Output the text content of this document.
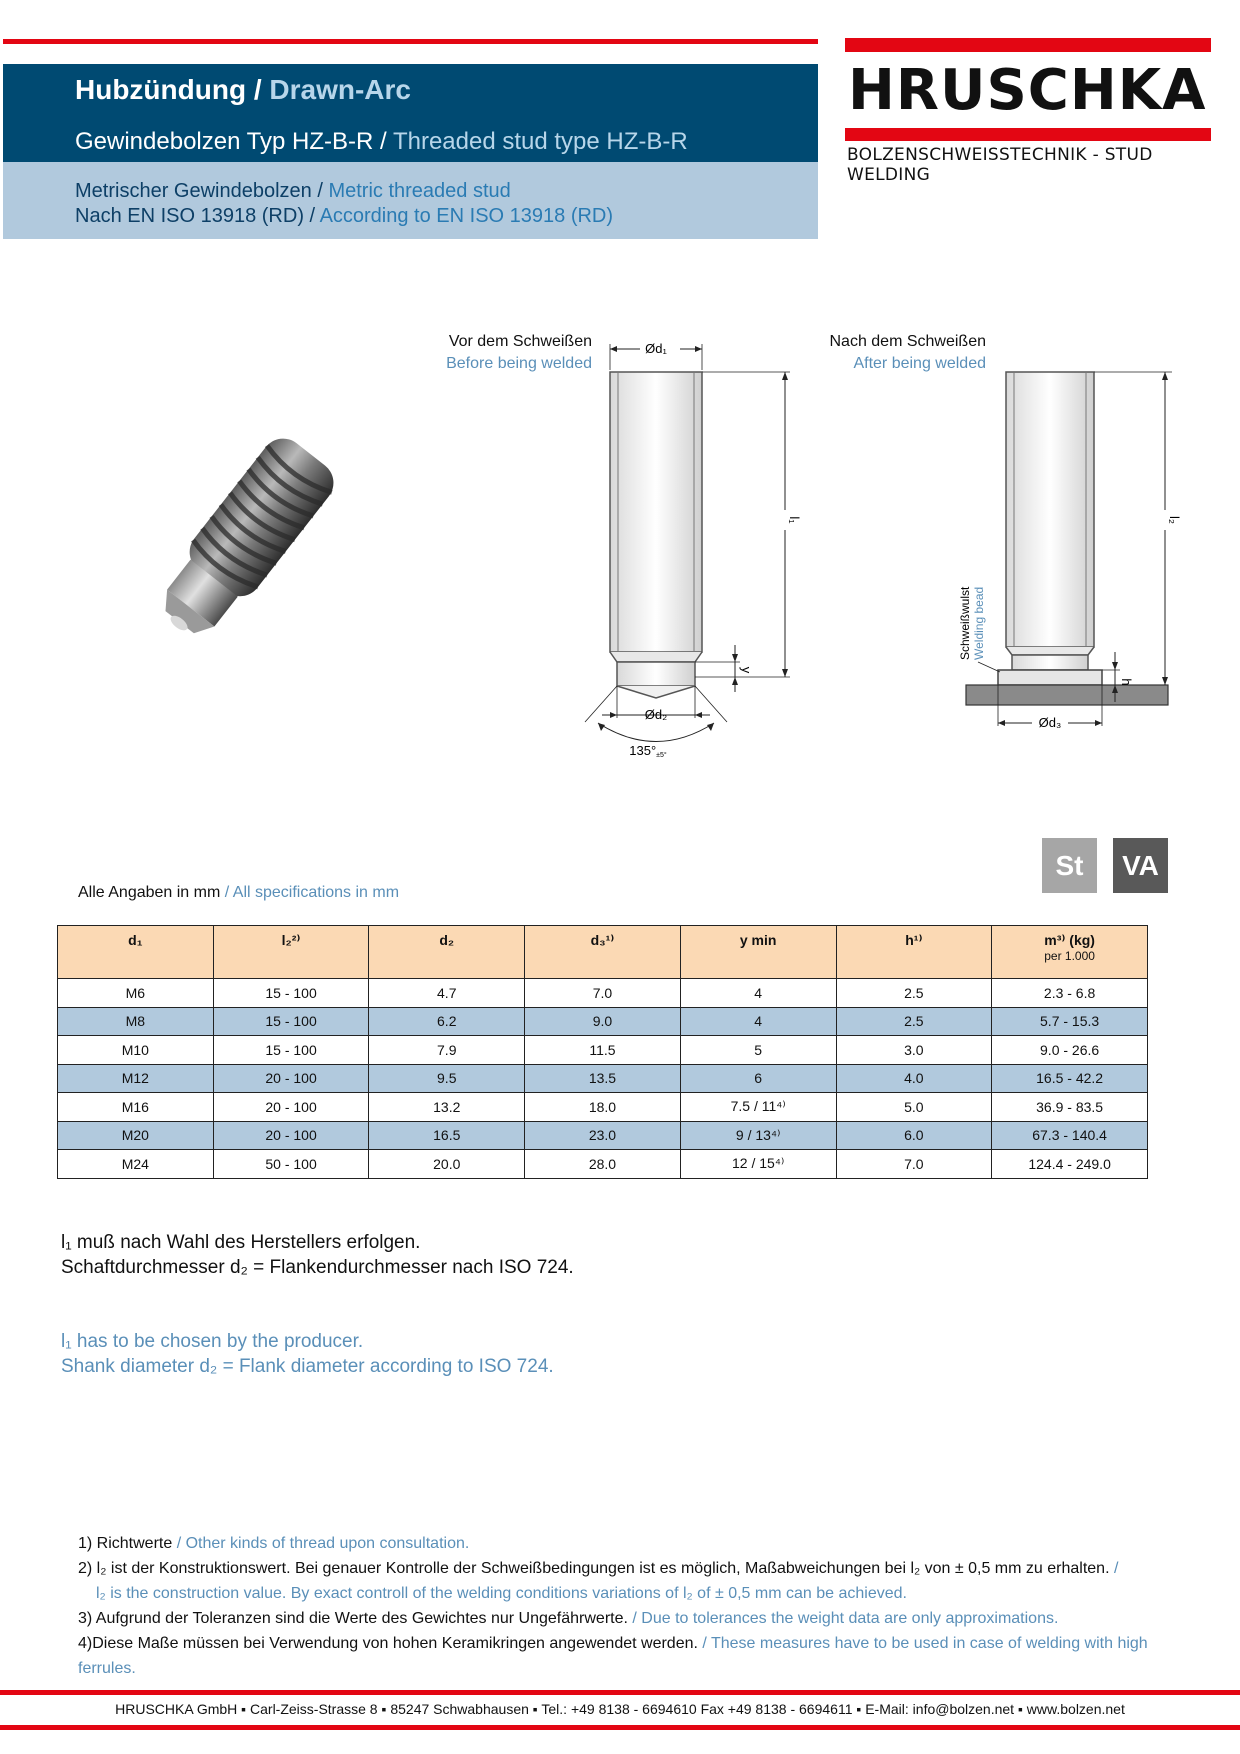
Hubzündung / Drawn-Arc
Gewindebolzen Typ HZ-B-R / Threaded stud type HZ-B-R
Metrischer Gewindebolzen / Metric threaded stud
Nach EN ISO 13918 (RD) / According to EN ISO 13918 (RD)
HRUSCHKA
BOLZENSCHWEISSTECHNIK - STUD WELDING
Vor dem Schweißen
Before being welded
Nach dem Schweißen
After being welded
Ød₁
l₁
y
Ød₂
135°±5°
l₂
h
Ød₃
Schweißwulst Welding bead
St	VA
Alle Angaben in mm / All specifications in mm
d₁	l₂²⁾	d₂	d₃¹⁾	y min	h¹⁾	m³⁾ (kg)
per 1.000

M6	15 - 100	4.7	7.0	4	2.5	2.3 - 6.8
M8	15 - 100	6.2	9.0	4	2.5	5.7 - 15.3
M10	15 - 100	7.9	11.5	5	3.0	9.0 - 26.6
M12	20 - 100	9.5	13.5	6	4.0	16.5 - 42.2
M16	20 - 100	13.2	18.0	7.5 / 11⁴⁾	5.0	36.9 - 83.5
M20	20 - 100	16.5	23.0	9 / 13⁴⁾	6.0	67.3 - 140.4
M24	50 - 100	20.0	28.0	12 / 15⁴⁾	7.0	124.4 - 249.0
l₁ muß nach Wahl des Herstellers erfolgen.
Schaftdurchmesser d₂ = Flankendurchmesser nach ISO 724.
l₁ has to be chosen by the producer.
Shank diameter d₂ = Flank diameter according to ISO 724.
1) Richtwerte / Other kinds of thread upon consultation.
2) l₂ ist der Konstruktionswert. Bei genauer Kontrolle der Schweißbedingungen ist es möglich, Maßabweichungen bei l₂ von ± 0,5 mm zu erhalten. /
l₂ is the construction value. By exact controll of the welding conditions variations of l₂ of ± 0,5 mm can be achieved.
3) Aufgrund der Toleranzen sind die Werte des Gewichtes nur Ungefährwerte. / Due to tolerances the weight data are only approximations.
4)Diese Maße müssen bei Verwendung von hohen Keramikringen angewendet werden. / These measures have to be used in case of welding with high ferrules.
HRUSCHKA GmbH ▪ Carl-Zeiss-Strasse 8 ▪ 85247 Schwabhausen ▪ Tel.: +49 8138 - 6694610 Fax +49 8138 - 6694611 ▪ E-Mail: info@bolzen.net ▪ www.bolzen.net
